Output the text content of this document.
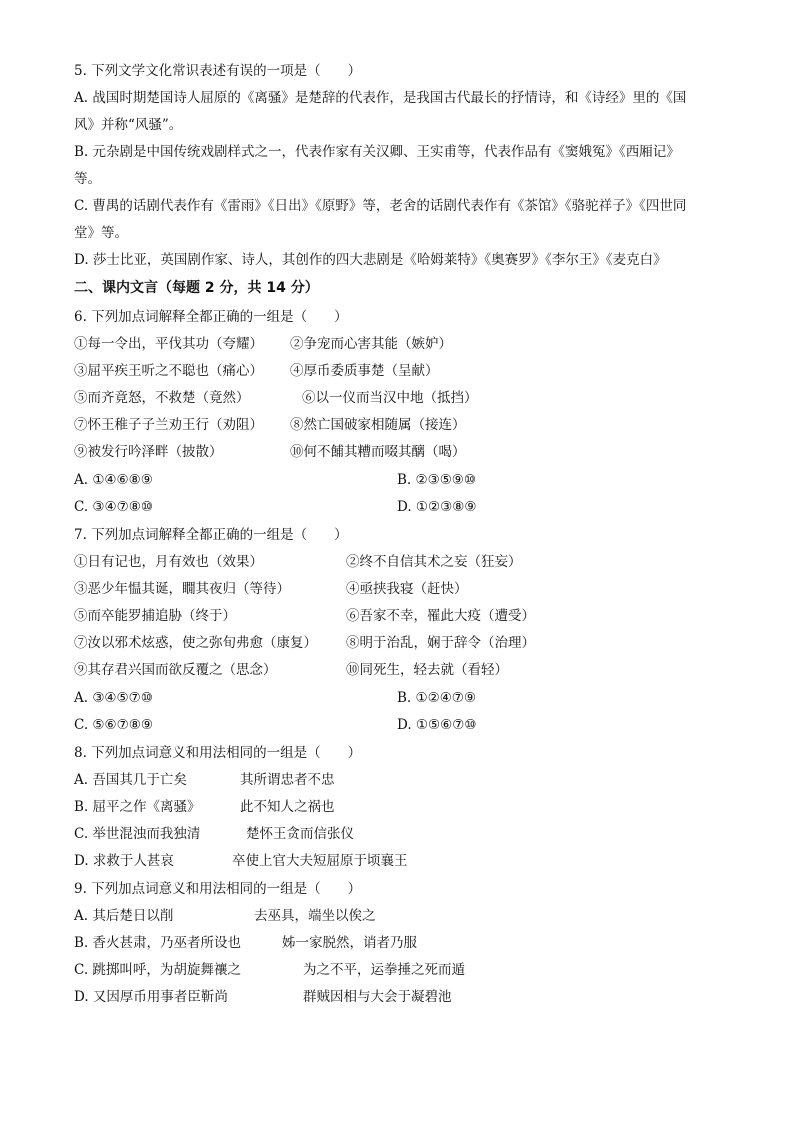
5. 下列文学文化常识表述有误的一项是（　　）
A. 战国时期楚国诗人屈原的《离骚》是楚辞的代表作，是我国古代最长的抒情诗，和《诗经》里的《国
风》并称“风骚”。
B. 元杂剧是中国传统戏剧样式之一，代表作家有关汉卿、王实甫等，代表作品有《窦娥冤》《西厢记》
等。
C. 曹禺的话剧代表作有《雷雨》《日出》《原野》等，老舍的话剧代表作有《茶馆》《骆驼祥子》《四世同
堂》等。
D. 莎士比亚，英国剧作家、诗人，其创作的四大悲剧是《哈姆莱特》《奥赛罗》《李尔王》《麦克白》
二、课内文言（每题 2 分，共 14 分）
6. 下列加点词解释全都正确的一组是（　　）
①每一令出，平伐其功（夸耀） ②争宠而心害其能（嫉妒）
③屈平疾王听之不聪也（痛心） ④厚币委质事楚（呈献）
⑤而齐竟怒，不救楚（竟然）	⑥以一仪而当汉中地（抵挡）
⑦怀王稚子子兰劝王行（劝阻） ⑧然亡国破家相随属（接连）
⑨被发行吟泽畔（披散）	⑩何不餔其糟而啜其醨（喝）
A. ①④⑥⑧⑨	B. ②③⑤⑨⑩
C. ③④⑦⑧⑩	D. ①②③⑧⑨
7. 下列加点词解释全都正确的一组是（　　）
①日有记也，月有效也（效果）	②终不自信其术之妄（狂妄）
③恶少年愠其诞，瞯其夜归（等待）	④亟挟我寝（赶快）
⑤而卒能罗捕追胁（终于）	⑥吾家不幸，罹此大疫（遭受）
⑦汝以邪术炫惑，使之弥旬弗愈（康复） ⑧明于治乱，娴于辞令（治理）
⑨其存君兴国而欲反覆之（思念）	⑩同死生，轻去就（看轻）
A. ③④⑤⑦⑩	B. ①②④⑦⑨
C. ⑤⑥⑦⑧⑨	D. ①⑤⑥⑦⑩
8. 下列加点词意义和用法相同的一组是（　　）
A. 吾国其几于亡矣	其所谓忠者不忠
B. 屈平之作《离骚》	此不知人之祸也
C. 举世混浊而我独清	楚怀王贪而信张仪
D. 求救于人甚哀	卒使上官大夫短屈原于顷襄王
9. 下列加点词意义和用法相同的一组是（　　）
A. 其后楚日以削	去巫具，端坐以俟之
B. 香火甚肃，乃巫者所设也	姊一家脱然，诮者乃服
C. 跳掷叫呼，为胡旋舞禳之	为之不平，运拳捶之死而遁
D. 又因厚币用事者臣靳尚	群贼因相与大会于凝碧池
